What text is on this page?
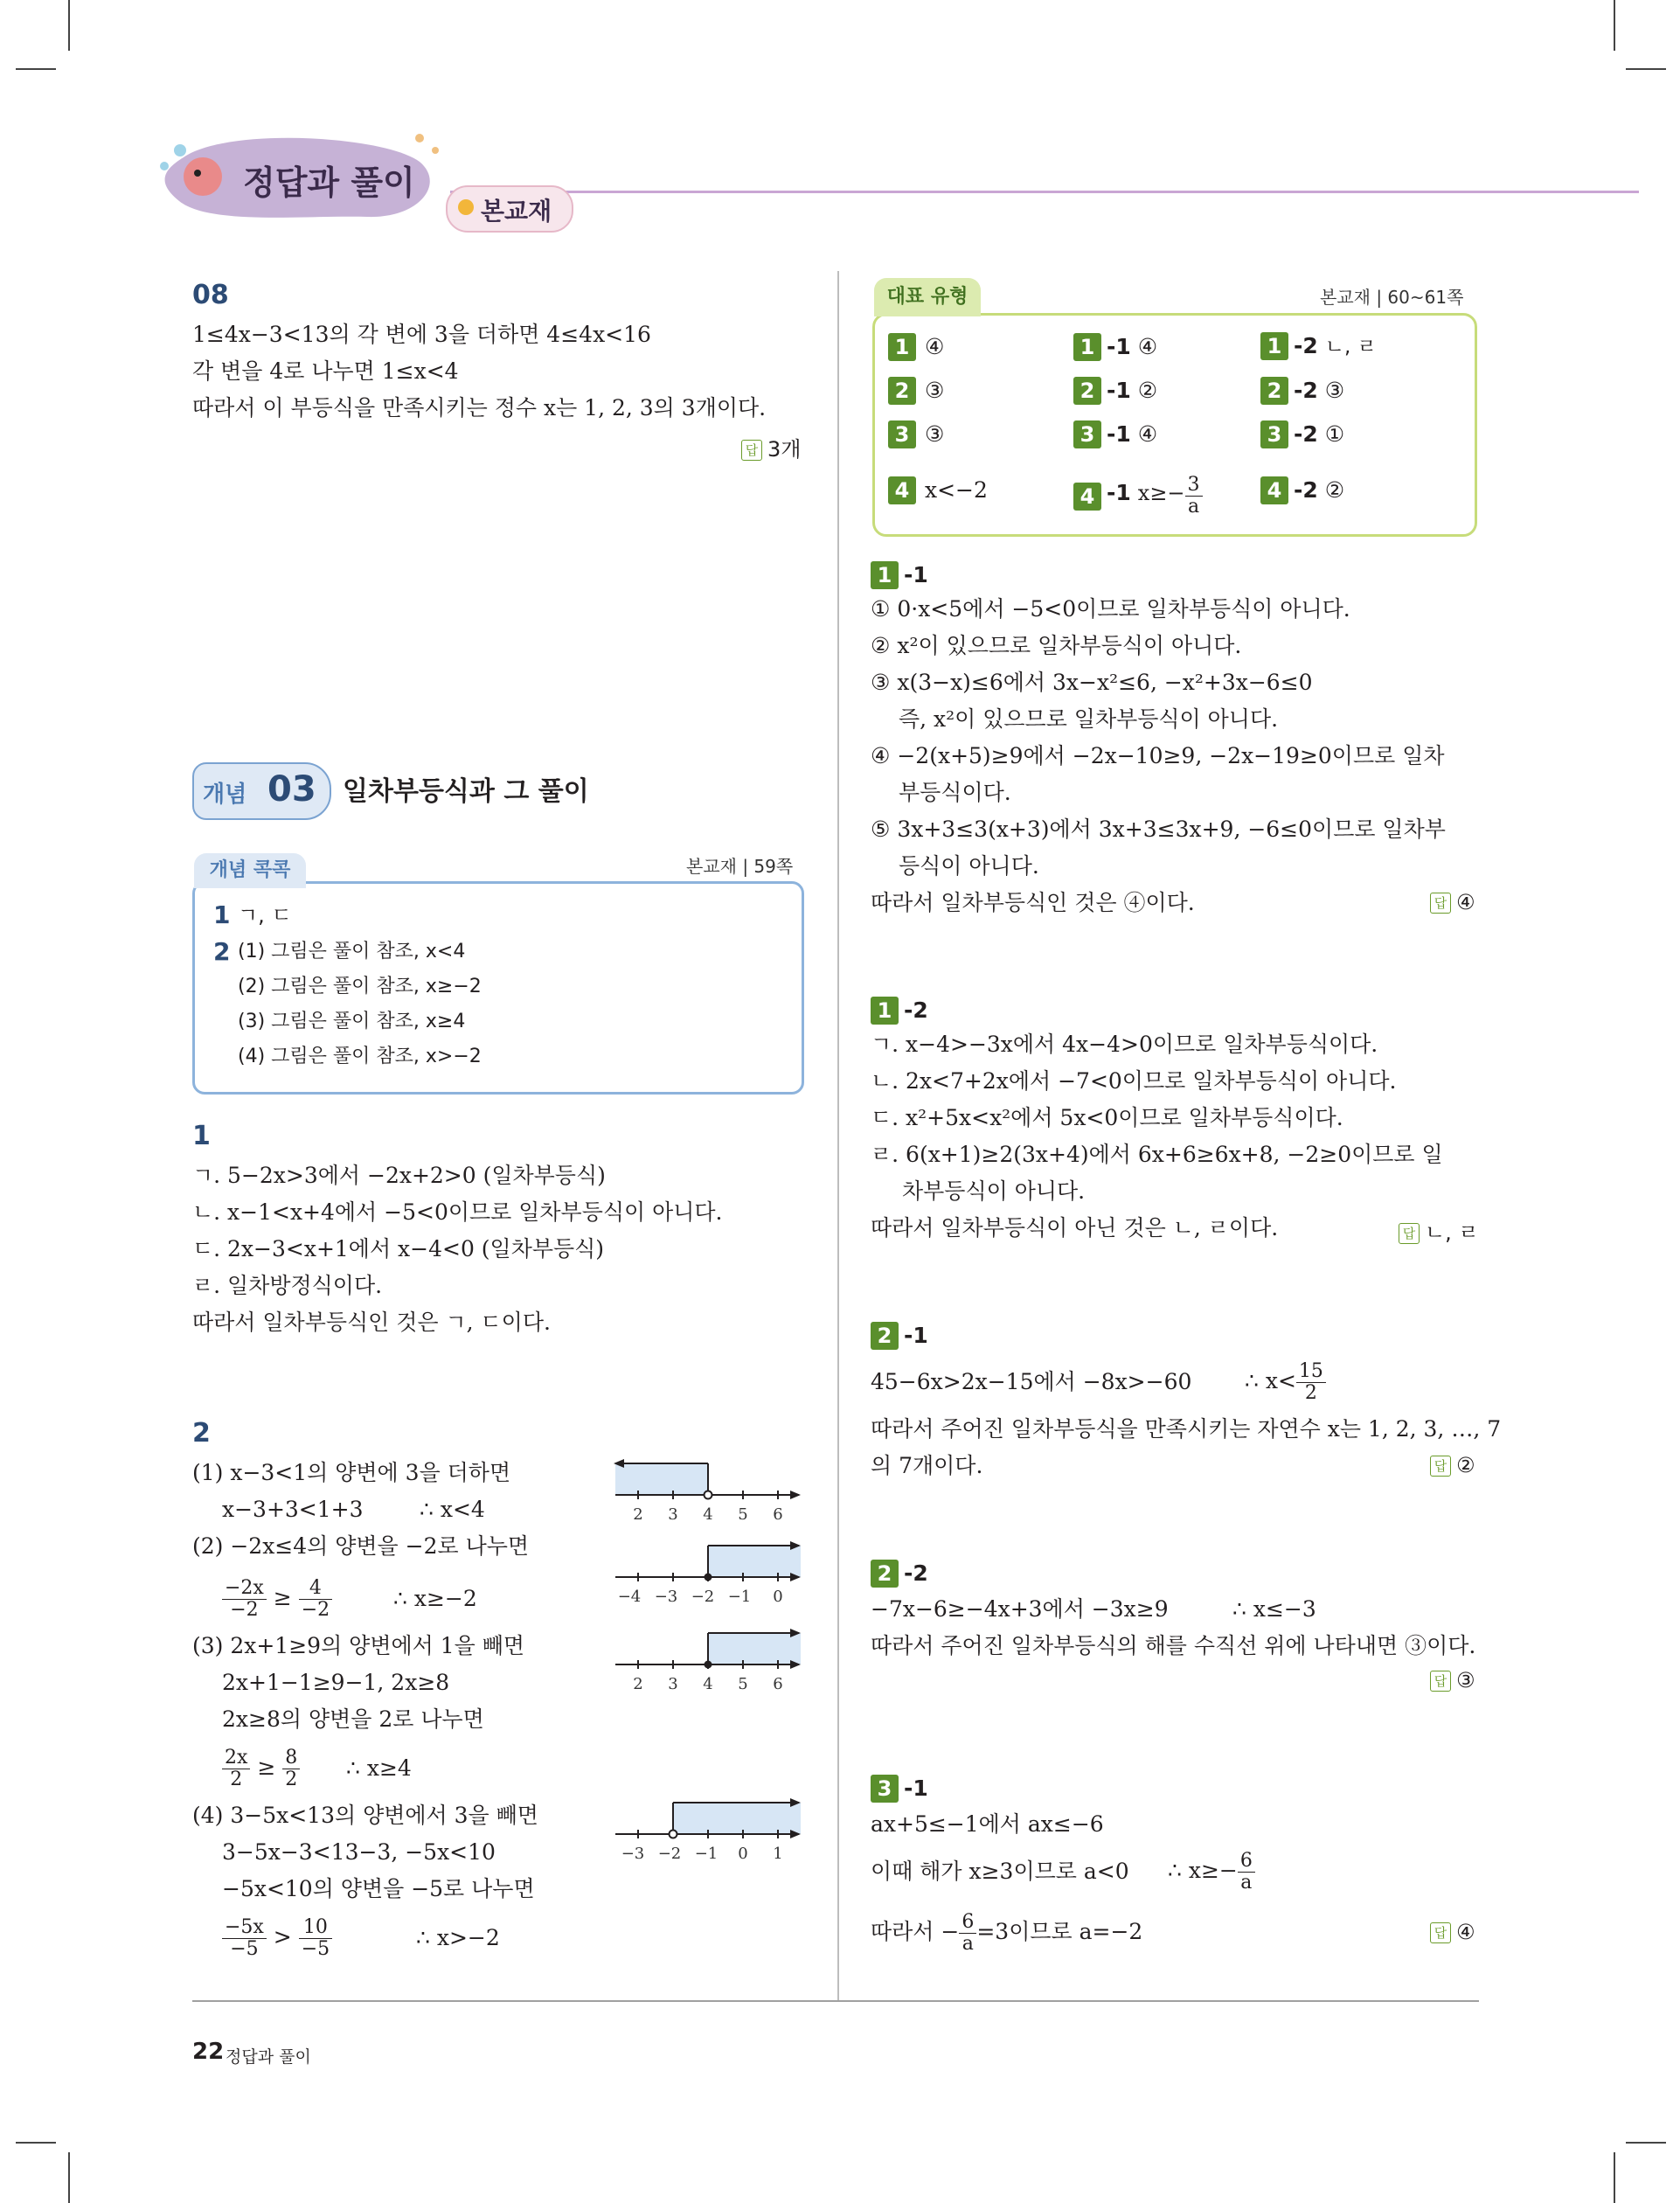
정답과 풀이
본교재
08
1≤4x−3<13의 각 변에 3을 더하면 4≤4x<16
각 변을 4로 나누면 1≤x<4
따라서 이 부등식을 만족시키는 정수 x는 1, 2, 3의 3개이다.
답 3개
개념 03 일차부등식과 그 풀이
개념 콕콕	본교재 | 59쪽
1 ㄱ, ㄷ
2 (1) 그림은 풀이 참조, x<4
(2) 그림은 풀이 참조, x≥−2
(3) 그림은 풀이 참조, x≥4
(4) 그림은 풀이 참조, x>−2
1
ㄱ. 5−2x>3에서 −2x+2>0 (일차부등식)
ㄴ. x−1<x+4에서 −5<0이므로 일차부등식이 아니다.
ㄷ. 2x−3<x+1에서 x−4<0 (일차부등식)
ㄹ. 일차방정식이다.
따라서 일차부등식인 것은 ㄱ, ㄷ이다.
2
(1) x−3<1의 양변에 3을 더하면
x−3+3<1+3	∴ x<4
(2) −2x≤4의 양변을 −2로 나누면
$\frac{-2x}{-2} \ge \frac{4}{-2}$	∴ x≥−2
(3) 2x+1≥9의 양변에서 1을 빼면
2x+1−1≥9−1, 2x≥8
2x≥8의 양변을 2로 나누면
$\frac{2x}{2} \ge \frac{8}{2}$ ∴ x≥4
(4) 3−5x<13의 양변에서 3을 빼면
3−5x−3<13−3, −5x<10
−5x<10의 양변을 −5로 나누면
$\frac{-5x}{-5} > \frac{10}{-5}$	∴ x>−2
2 3 4 5 6
−4 −3 −2 −1 0
2 3 4 5 6
−3 −2 −1 0 1
대표 유형	본교재 | 60~61쪽
1 ④	1 -1 ④	1 -2 ㄴ, ㄹ
2 ③	2 -1 ②	2 -2 ③
3 ③	3 -1 ④	3 -2 ①
4 x<−2	4 -1 $x\ge- \frac{3}{a}$	4 -2 ②
1 -1
① 0·x<5에서 −5<0이므로 일차부등식이 아니다.
② x²이 있으므로 일차부등식이 아니다.
③ x(3−x)≤6에서 3x−x²≤6, −x²+3x−6≤0
즉, x²이 있으므로 일차부등식이 아니다.
④ −2(x+5)≥9에서 −2x−10≥9, −2x−19≥0이므로 일차
부등식이다.
⑤ 3x+3≤3(x+3)에서 3x+3≤3x+9, −6≤0이므로 일차부
등식이 아니다.
따라서 일차부등식인 것은 ④이다.	답 ④
1 -2
ㄱ. x−4>−3x에서 4x−4>0이므로 일차부등식이다.
ㄴ. 2x<7+2x에서 −7<0이므로 일차부등식이 아니다.
ㄷ. x²+5x<x²에서 5x<0이므로 일차부등식이다.
ㄹ. 6(x+1)≥2(3x+4)에서 6x+6≥6x+8, −2≥0이므로 일
차부등식이 아니다.
따라서 일차부등식이 아닌 것은 ㄴ, ㄹ이다.	답 ㄴ, ㄹ
2 -1
45−6x>2x−15에서 −8x>−60 ∴ $x< \frac{15}{2}$
따라서 주어진 일차부등식을 만족시키는 자연수 x는 1, 2, 3, …, 7
의 7개이다.	답 ②
2 -2
−7x−6≥−4x+3에서 −3x≥9	∴ x≤−3
따라서 주어진 일차부등식의 해를 수직선 위에 나타내면 ③이다.
답 ③
3 -1
ax+5≤−1에서 ax≤−6
이때 해가 x≥3이므로 a<0 ∴ $x\ge- \frac{6}{a}$
따라서 − $\frac{6}{a} =3$이므로 a=−2	답 ④
22 정답과 풀이
